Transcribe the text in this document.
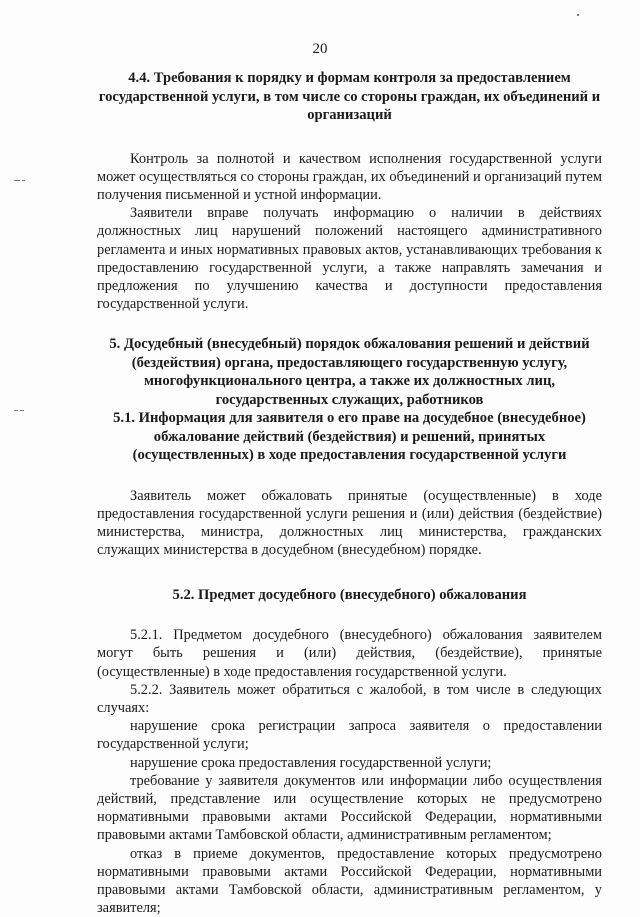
20
4.4. Требования к порядку и формам контроля за предоставлением государственной услуги, в том числе со стороны граждан, их объединений и организаций

Контроль за полнотой и качеством исполнения государственной услуги может осуществляться со стороны граждан, их объединений и организаций путем получения письменной и устной информации.

Заявители вправе получать информацию о наличии в действиях должностных лиц нарушений положений настоящего административного регламента и иных нормативных правовых актов, устанавливающих требования к предоставлению государственной услуги, а также направлять замечания и предложения по улучшению качества и доступности предоставления государственной услуги.

5. Досудебный (внесудебный) порядок обжалования решений и действий (бездействия) органа, предоставляющего государственную услугу, многофункционального центра, а также их должностных лиц, государственных служащих, работников
5.1. Информация для заявителя о его праве на досудебное (внесудебное) обжалование действий (бездействия) и решений, принятых (осуществленных) в ходе предоставления государственной услуги

Заявитель может обжаловать принятые (осуществленные) в ходе предоставления государственной услуги решения и (или) действия (бездействие) министерства, министра, должностных лиц министерства, гражданских служащих министерства в досудебном (внесудебном) порядке.

5.2. Предмет досудебного (внесудебного) обжалования

5.2.1. Предметом досудебного (внесудебного) обжалования заявителем могут быть решения и (или) действия, (бездействие), принятые (осуществленные) в ходе предоставления государственной услуги.

5.2.2. Заявитель может обратиться с жалобой, в том числе в следующих случаях:

нарушение срока регистрации запроса заявителя о предоставлении государственной услуги;

нарушение срока предоставления государственной услуги;

требование у заявителя документов или информации либо осуществления действий, представление или осуществление которых не предусмотрено нормативными правовыми актами Российской Федерации, нормативными правовыми актами Тамбовской области, административным регламентом;

отказ в приеме документов, предоставление которых предусмотрено нормативными правовыми актами Российской Федерации, нормативными правовыми актами Тамбовской области, административным регламентом, у заявителя;
